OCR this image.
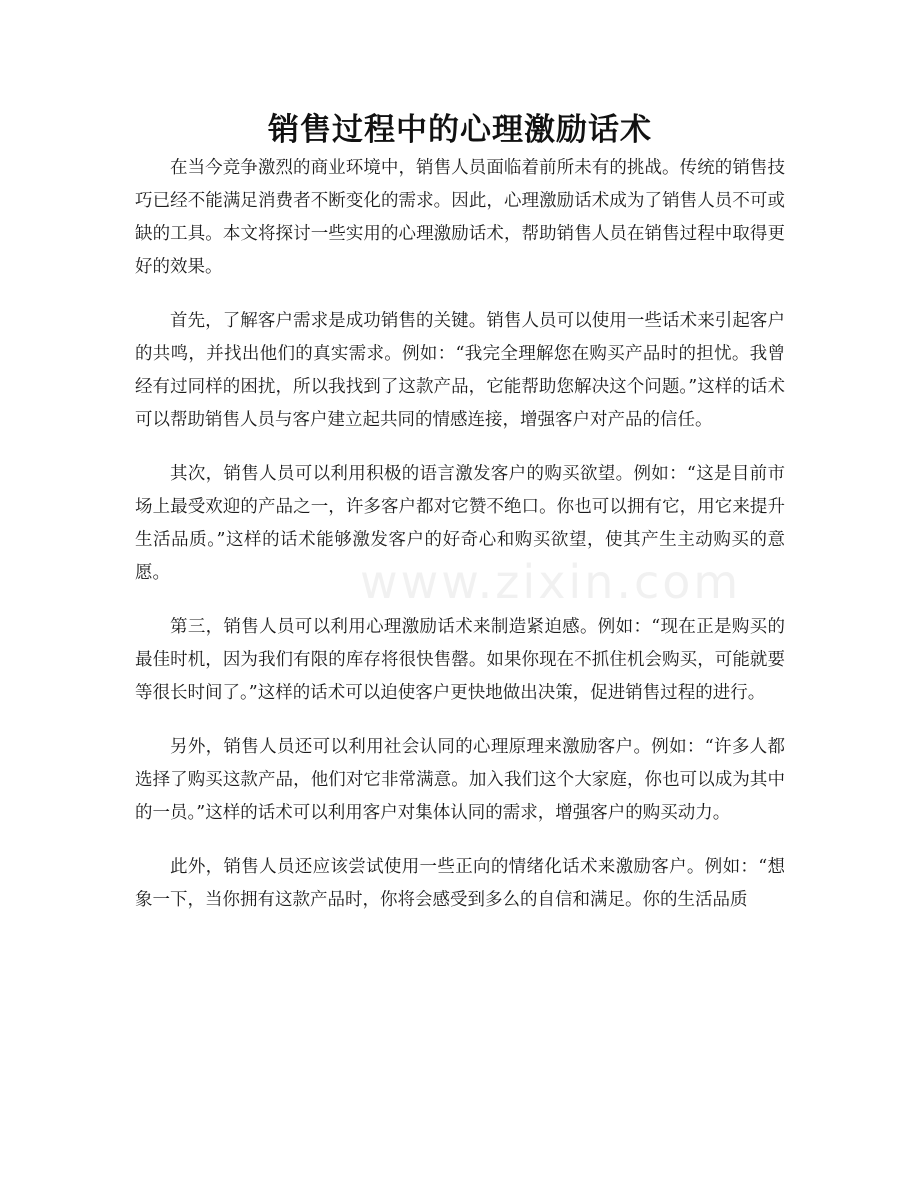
销售过程中的心理激励话术
www.zixin.com

在当今竞争激烈的商业环境中，销售人员面临着前所未有的挑战。传统的销售技巧已经不能满足消费者不断变化的需求。因此，心理激励话术成为了销售人员不可或缺的工具。本文将探讨一些实用的心理激励话术，帮助销售人员在销售过程中取得更好的效果。

首先，了解客户需求是成功销售的关键。销售人员可以使用一些话术来引起客户的共鸣，并找出他们的真实需求。例如：“我完全理解您在购买产品时的担忧。我曾经有过同样的困扰，所以我找到了这款产品，它能帮助您解决这个问题。”这样的话术可以帮助销售人员与客户建立起共同的情感连接，增强客户对产品的信任。

其次，销售人员可以利用积极的语言激发客户的购买欲望。例如：“这是目前市场上最受欢迎的产品之一，许多客户都对它赞不绝口。你也可以拥有它，用它来提升生活品质。”这样的话术能够激发客户的好奇心和购买欲望，使其产生主动购买的意愿。

第三，销售人员可以利用心理激励话术来制造紧迫感。例如：“现在正是购买的最佳时机，因为我们有限的库存将很快售罄。如果你现在不抓住机会购买，可能就要等很长时间了。”这样的话术可以迫使客户更快地做出决策，促进销售过程的进行。

另外，销售人员还可以利用社会认同的心理原理来激励客户。例如：“许多人都选择了购买这款产品，他们对它非常满意。加入我们这个大家庭，你也可以成为其中的一员。”这样的话术可以利用客户对集体认同的需求，增强客户的购买动力。

此外，销售人员还应该尝试使用一些正向的情绪化话术来激励客户。例如：“想象一下，当你拥有这款产品时，你将会感受到多么的自信和满足。你的生活品质
